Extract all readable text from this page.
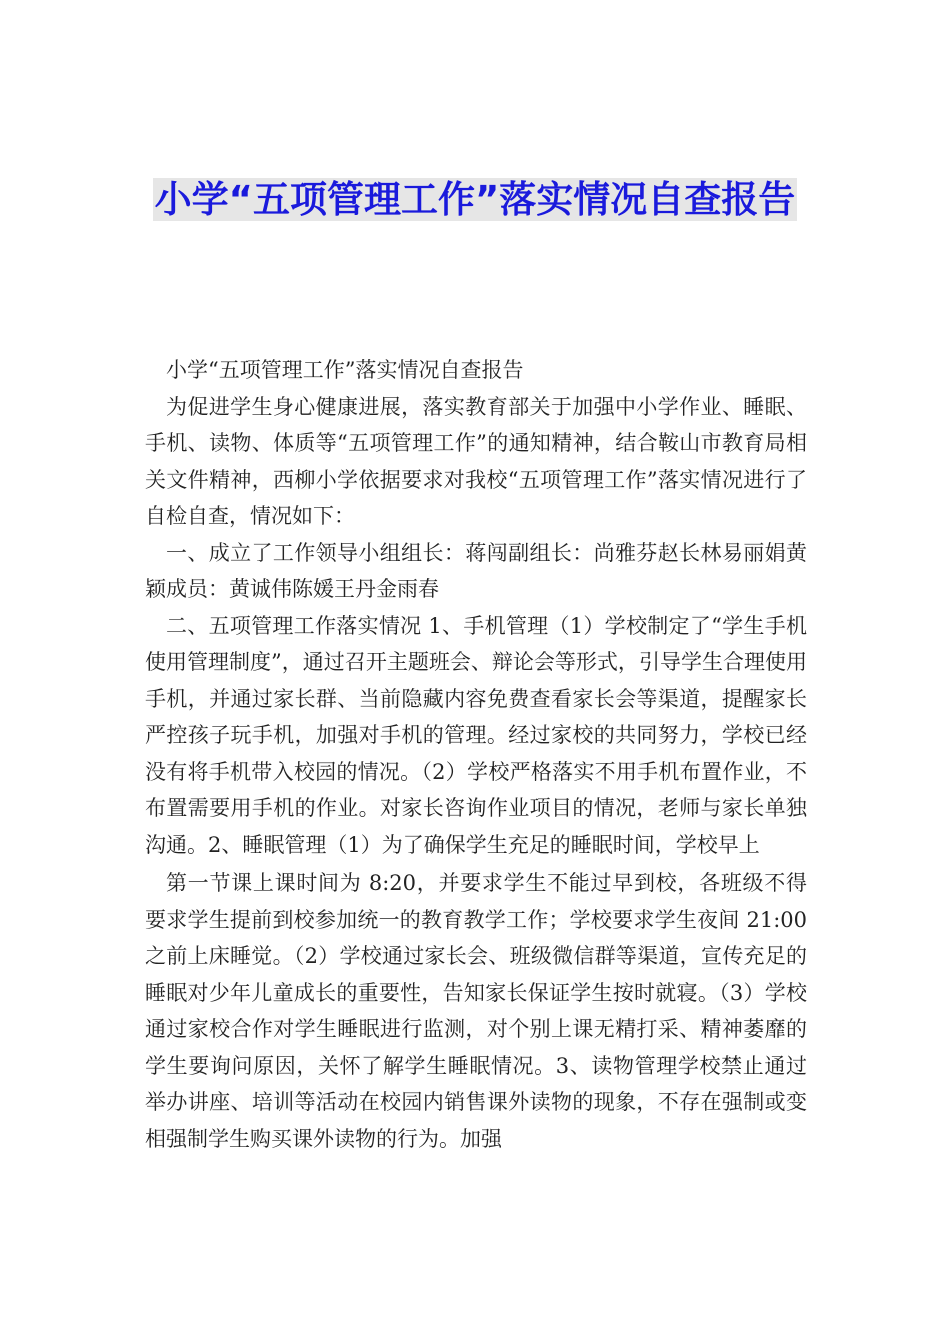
小学“五项管理工作”落实情况自查报告

小学“五项管理工作”落实情况自查报告

为促进学生身心健康进展，落实教育部关于加强中小学作业、睡眠、手机、读物、体质等“五项管理工作”的通知精神，结合鞍山市教育局相关文件精神，西柳小学依据要求对我校“五项管理工作”落实情况进行了自检自查，情况如下：

一、成立了工作领导小组组长：蒋闯副组长：尚雅芬赵长林易丽娟黄颖成员：黄诚伟陈媛王丹金雨春

二、五项管理工作落实情况 1、手机管理（1）学校制定了“学生手机使用管理制度”，通过召开主题班会、辩论会等形式，引导学生合理使用手机，并通过家长群、当前隐藏内容免费查看家长会等渠道，提醒家长严控孩子玩手机，加强对手机的管理。经过家校的共同努力，学校已经没有将手机带入校园的情况。（2）学校严格落实不用手机布置作业，不布置需要用手机的作业。对家长咨询作业项目的情况，老师与家长单独沟通。2、睡眠管理（1）为了确保学生充足的睡眠时间，学校早上

第一节课上课时间为 8:20，并要求学生不能过早到校，各班级不得要求学生提前到校参加统一的教育教学工作；学校要求学生夜间 21:00 之前上床睡觉。（2）学校通过家长会、班级微信群等渠道，宣传充足的睡眠对少年儿童成长的重要性，告知家长保证学生按时就寝。（3）学校通过家校合作对学生睡眠进行监测，对个别上课无精打采、精神萎靡的学生要询问原因，关怀了解学生睡眠情况。3、读物管理学校禁止通过举办讲座、培训等活动在校园内销售课外读物的现象，不存在强制或变相强制学生购买课外读物的行为。加强
